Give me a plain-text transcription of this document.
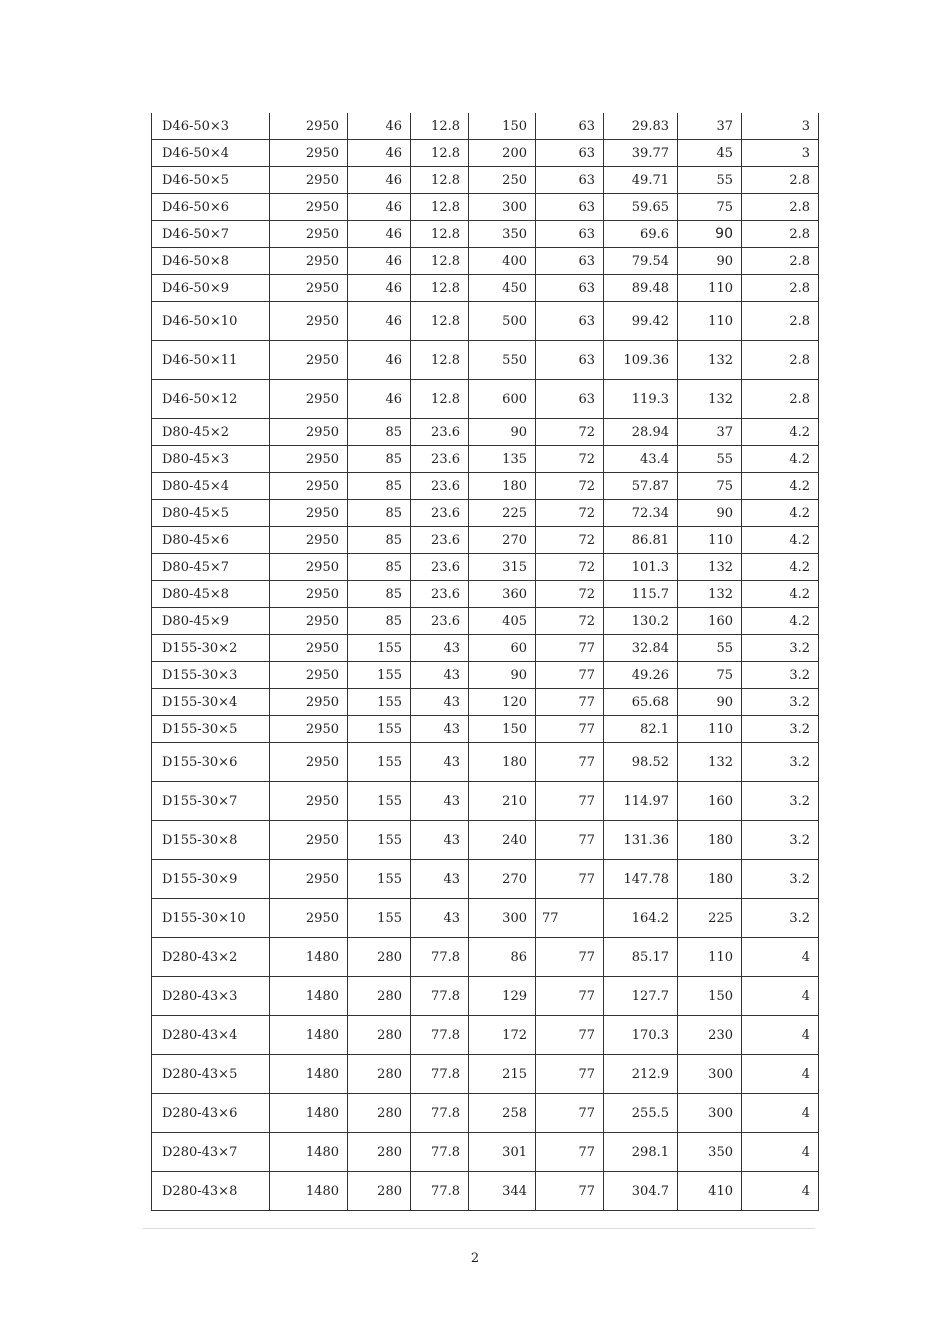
D46-50×3	2950	46	12.8	150	63	29.83	37	3
D46-50×4	2950	46	12.8	200	63	39.77	45	3
D46-50×5	2950	46	12.8	250	63	49.71	55	2.8
D46-50×6	2950	46	12.8	300	63	59.65	75	2.8
D46-50×7	2950	46	12.8	350	63	69.6	90	2.8
D46-50×8	2950	46	12.8	400	63	79.54	90	2.8
D46-50×9	2950	46	12.8	450	63	89.48	110	2.8
D46-50×10	2950	46	12.8	500	63	99.42	110	2.8
D46-50×11	2950	46	12.8	550	63	109.36	132	2.8
D46-50×12	2950	46	12.8	600	63	119.3	132	2.8
D80-45×2	2950	85	23.6	90	72	28.94	37	4.2
D80-45×3	2950	85	23.6	135	72	43.4	55	4.2
D80-45×4	2950	85	23.6	180	72	57.87	75	4.2
D80-45×5	2950	85	23.6	225	72	72.34	90	4.2
D80-45×6	2950	85	23.6	270	72	86.81	110	4.2
D80-45×7	2950	85	23.6	315	72	101.3	132	4.2
D80-45×8	2950	85	23.6	360	72	115.7	132	4.2
D80-45×9	2950	85	23.6	405	72	130.2	160	4.2
D155-30×2	2950	155	43	60	77	32.84	55	3.2
D155-30×3	2950	155	43	90	77	49.26	75	3.2
D155-30×4	2950	155	43	120	77	65.68	90	3.2
D155-30×5	2950	155	43	150	77	82.1	110	3.2
D155-30×6	2950	155	43	180	77	98.52	132	3.2
D155-30×7	2950	155	43	210	77	114.97	160	3.2
D155-30×8	2950	155	43	240	77	131.36	180	3.2
D155-30×9	2950	155	43	270	77	147.78	180	3.2
D155-30×10	2950	155	43	300	77	164.2	225	3.2
D280-43×2	1480	280	77.8	86	77	85.17	110	4
D280-43×3	1480	280	77.8	129	77	127.7	150	4
D280-43×4	1480	280	77.8	172	77	170.3	230	4
D280-43×5	1480	280	77.8	215	77	212.9	300	4
D280-43×6	1480	280	77.8	258	77	255.5	300	4
D280-43×7	1480	280	77.8	301	77	298.1	350	4
D280-43×8	1480	280	77.8	344	77	304.7	410	4
2
